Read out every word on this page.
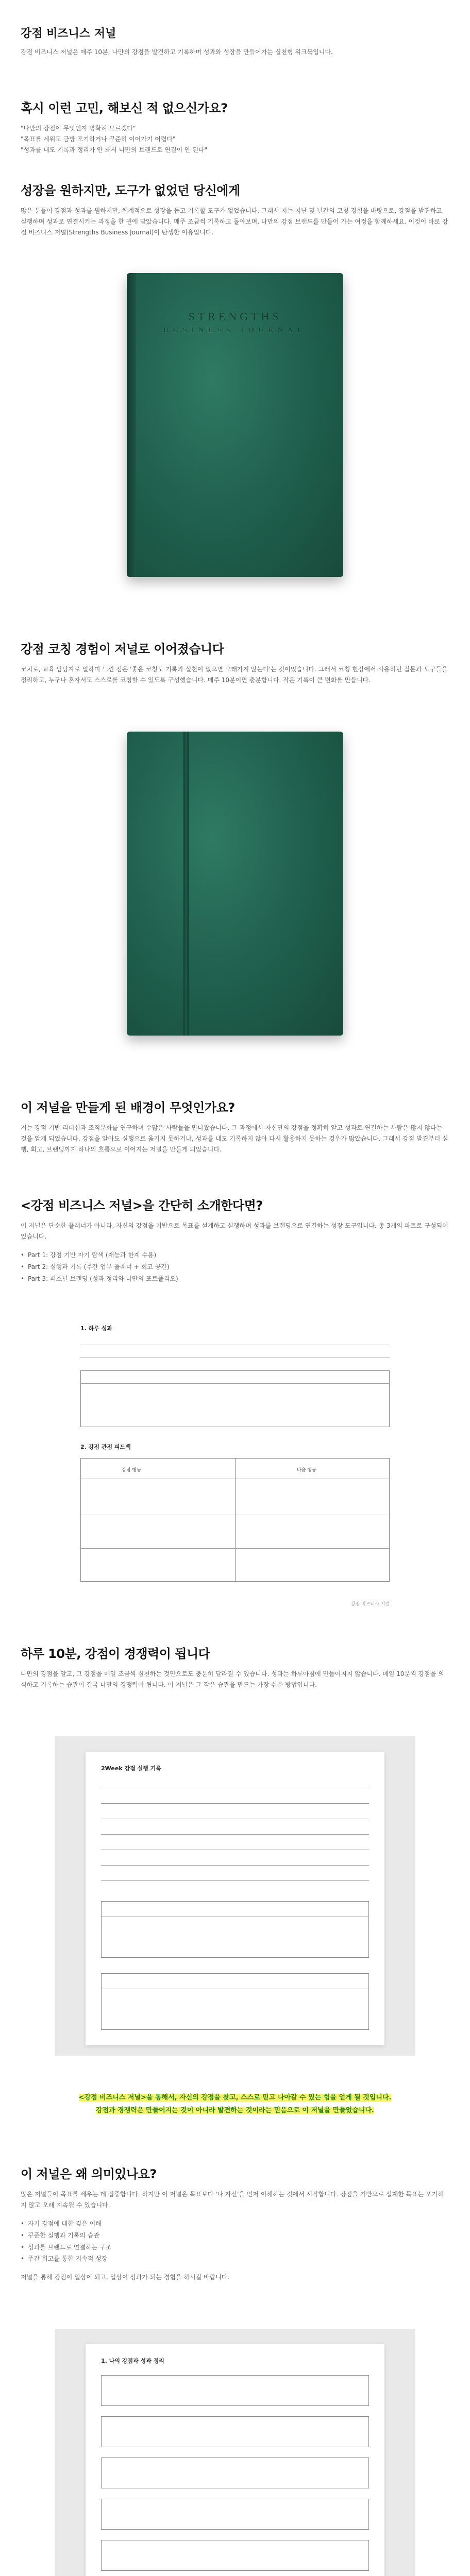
강점 비즈니스 저널

강점 비즈니스 저널은 매주 10분, 나만의 강점을 발견하고 기록하며 성과와 성장을 만들어가는 실천형 워크북입니다.

혹시 이런 고민, 해보신 적 없으신가요?

"나만의 강점이 무엇인지 명확히 모르겠다"

"목표를 세워도 금방 포기하거나 꾸준히 이어가기 어렵다"

"성과를 내도 기록과 정리가 안 돼서 나만의 브랜드로 연결이 안 된다"

성장을 원하지만, 도구가 없었던 당신에게

많은 분들이 강점과 성과를 원하지만, 체계적으로 성장을 돕고 기록할 도구가 없었습니다. 그래서 저는 지난 몇 년간의 코칭 경험을 바탕으로, 강점을 발견하고 실행하며 성과로 연결시키는 과정을 한 권에 담았습니다. 매주 조금씩 기록하고 돌아보며, 나만의 강점 브랜드를 만들어 가는 여정을 함께하세요. 이것이 바로 강점 비즈니스 저널(Strengths Business Journal)이 탄생한 이유입니다.

STRENGTHS
BUSINESS JOURNAL
강점 코칭 경험이 저널로 이어졌습니다

코치로, 교육 담당자로 일하며 느낀 점은 '좋은 코칭도 기록과 실천이 없으면 오래가지 않는다'는 것이었습니다. 그래서 코칭 현장에서 사용하던 질문과 도구들을 정리하고, 누구나 혼자서도 스스로를 코칭할 수 있도록 구성했습니다. 매주 10분이면 충분합니다. 작은 기록이 큰 변화를 만듭니다.

이 저널을 만들게 된 배경이 무엇인가요?

저는 강점 기반 리더십과 조직문화를 연구하며 수많은 사람들을 만나왔습니다. 그 과정에서 자신만의 강점을 정확히 알고 성과로 연결하는 사람은 많지 않다는 것을 알게 되었습니다. 강점을 알아도 실행으로 옮기지 못하거나, 성과를 내도 기록하지 않아 다시 활용하지 못하는 경우가 많았습니다. 그래서 강점 발견부터 실행, 회고, 브랜딩까지 하나의 흐름으로 이어지는 저널을 만들게 되었습니다.

<강점 비즈니스 저널>을 간단히 소개한다면?

이 저널은 단순한 플래너가 아니라, 자신의 강점을 기반으로 목표를 설계하고 실행하며 성과를 브랜딩으로 연결하는 성장 도구입니다. 총 3개의 파트로 구성되어 있습니다.

• Part 1: 강점 기반 자기 탐색 (재능과 한계 수용)
• Part 2: 실행과 기록 (주간 업무 플래너 + 회고 공간)
• Part 3: 퍼스널 브랜딩 (성과 정리와 나만의 포트폴리오)
1. 하루 성과
2. 강점 관점 피드백
강점 행동	다음 행동
강점 비즈니스 저널
하루 10분, 강점이 경쟁력이 됩니다

나만의 강점을 알고, 그 강점을 매일 조금씩 실천하는 것만으로도 충분히 달라질 수 있습니다. 성과는 하루아침에 만들어지지 않습니다. 매일 10분씩 강점을 의식하고 기록하는 습관이 결국 나만의 경쟁력이 됩니다. 이 저널은 그 작은 습관을 만드는 가장 쉬운 방법입니다.

2Week 강점 실행 기록

<강점 비즈니스 저널>을 통해서, 자신의 강점을 찾고, 스스로 믿고 나아갈 수 있는 힘을 얻게 될 것입니다.

강점과 경쟁력은 만들어지는 것이 아니라 발견하는 것이라는 믿음으로 이 저널을 만들었습니다.

이 저널은 왜 의미있나요?

많은 저널들이 목표를 세우는 데 집중합니다. 하지만 이 저널은 목표보다 '나 자신'을 먼저 이해하는 것에서 시작합니다. 강점을 기반으로 설계한 목표는 포기하지 않고 오래 지속될 수 있습니다.

• 자기 강점에 대한 깊은 이해
• 꾸준한 실행과 기록의 습관
• 성과를 브랜드로 연결하는 구조
• 주간 회고를 통한 지속적 성장

저널을 통해 강점이 일상이 되고, 일상이 성과가 되는 경험을 하시길 바랍니다.

1. 나의 강점과 성과 정리
